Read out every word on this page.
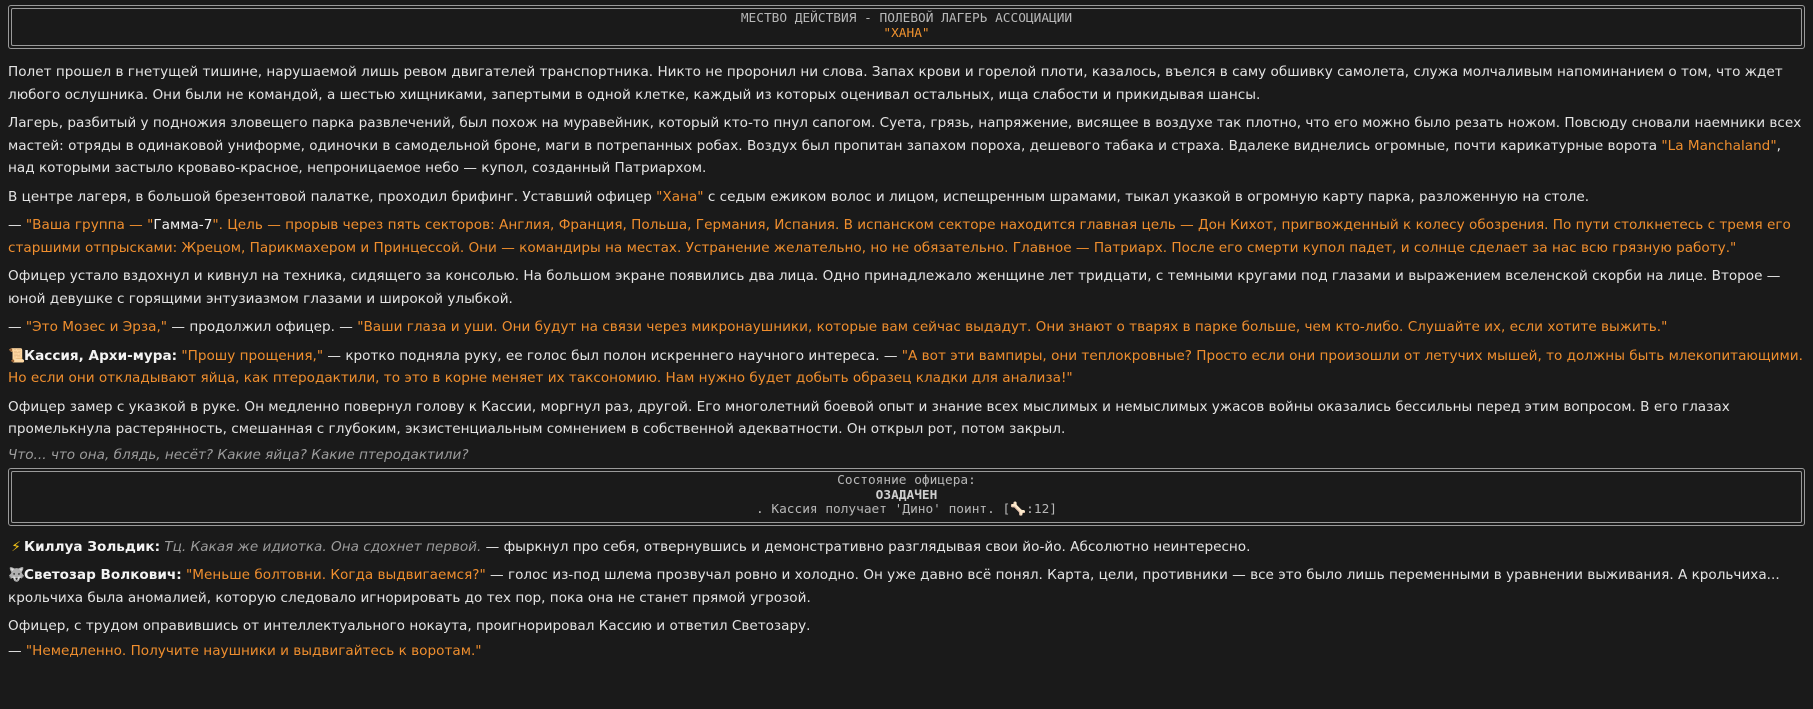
МЕСТВО ДЕЙСТВИЯ - ПОЛЕВОЙ ЛАГЕРЬ АССОЦИАЦИИ
"ХАНА"

Полет прошел в гнетущей тишине, нарушаемой лишь ревом двигателей транспортника. Никто не проронил ни слова. Запах крови и горелой плоти, казалось, въелся в саму обшивку самолета, служа молчаливым напоминанием о том, что ждет любого ослушника. Они были не командой, а шестью хищниками, запертыми в одной клетке, каждый из которых оценивал остальных, ища слабости и прикидывая шансы.

Лагерь, разбитый у подножия зловещего парка развлечений, был похож на муравейник, который кто-то пнул сапогом. Суета, грязь, напряжение, висящее в воздухе так плотно, что его можно было резать ножом. Повсюду сновали наемники всех мастей: отряды в одинаковой униформе, одиночки в самодельной броне, маги в потрепанных робах. Воздух был пропитан запахом пороха, дешевого табака и страха. Вдалеке виднелись огромные, почти карикатурные ворота "La Manchaland", над которыми застыло кроваво-красное, непроницаемое небо — купол, созданный Патриархом.

В центре лагеря, в большой брезентовой палатке, проходил брифинг. Уставший офицер "Хана" с седым ежиком волос и лицом, испещренным шрамами, тыкал указкой в огромную карту парка, разложенную на столе.

— "Ваша группа — "Гамма-7". Цель — прорыв через пять секторов: Англия, Франция, Польша, Германия, Испания. В испанском секторе находится главная цель — Дон Кихот, пригвожденный к колесу обозрения. По пути столкнетесь с тремя его старшими отпрысками: Жрецом, Парикмахером и Принцессой. Они — командиры на местах. Устранение желательно, но не обязательно. Главное — Патриарх. После его смерти купол падет, и солнце сделает за нас всю грязную работу."

Офицер устало вздохнул и кивнул на техника, сидящего за консолью. На большом экране появились два лица. Одно принадлежало женщине лет тридцати, с темными кругами под глазами и выражением вселенской скорби на лице. Второе — юной девушке с горящими энтузиазмом глазами и широкой улыбкой.

— "Это Мозес и Эрза," — продолжил офицер. — "Ваши глаза и уши. Они будут на связи через микронаушники, которые вам сейчас выдадут. Они знают о тварях в парке больше, чем кто-либо. Слушайте их, если хотите выжить."

📜Кассия, Архи-мура: "Прошу прощения," — кротко подняла руку, ее голос был полон искреннего научного интереса. — "А вот эти вампиры, они теплокровные? Просто если они произошли от летучих мышей, то должны быть млекопитающими. Но если они откладывают яйца, как птеродактили, то это в корне меняет их таксономию. Нам нужно будет добыть образец кладки для анализа!"

Офицер замер с указкой в руке. Он медленно повернул голову к Кассии, моргнул раз, другой. Его многолетний боевой опыт и знание всех мыслимых и немыслимых ужасов войны оказались бессильны перед этим вопросом. В его глазах промелькнула растерянность, смешанная с глубоким, экзистенциальным сомнением в собственной адекватности. Он открыл рот, потом закрыл.

Что... что она, блядь, несёт? Какие яйца? Какие птеродактили?

Состояние офицера:
ОЗАДАЧЕН
. Кассия получает 'Дино' поинт. [🦴:12]

⚡ Киллуа Зольдик: Тц. Какая же идиотка. Она сдохнет первой. — фыркнул про себя, отвернувшись и демонстративно разглядывая свои йо-йо. Абсолютно неинтересно.

🐺Светозар Волкович: "Меньше болтовни. Когда выдвигаемся?" — голос из-под шлема прозвучал ровно и холодно. Он уже давно всё понял. Карта, цели, противники — все это было лишь переменными в уравнении выживания. А крольчиха... крольчиха была аномалией, которую следовало игнорировать до тех пор, пока она не станет прямой угрозой.

Офицер, с трудом оправившись от интеллектуального нокаута, проигнорировал Кассию и ответил Светозару.

— "Немедленно. Получите наушники и выдвигайтесь к воротам."
